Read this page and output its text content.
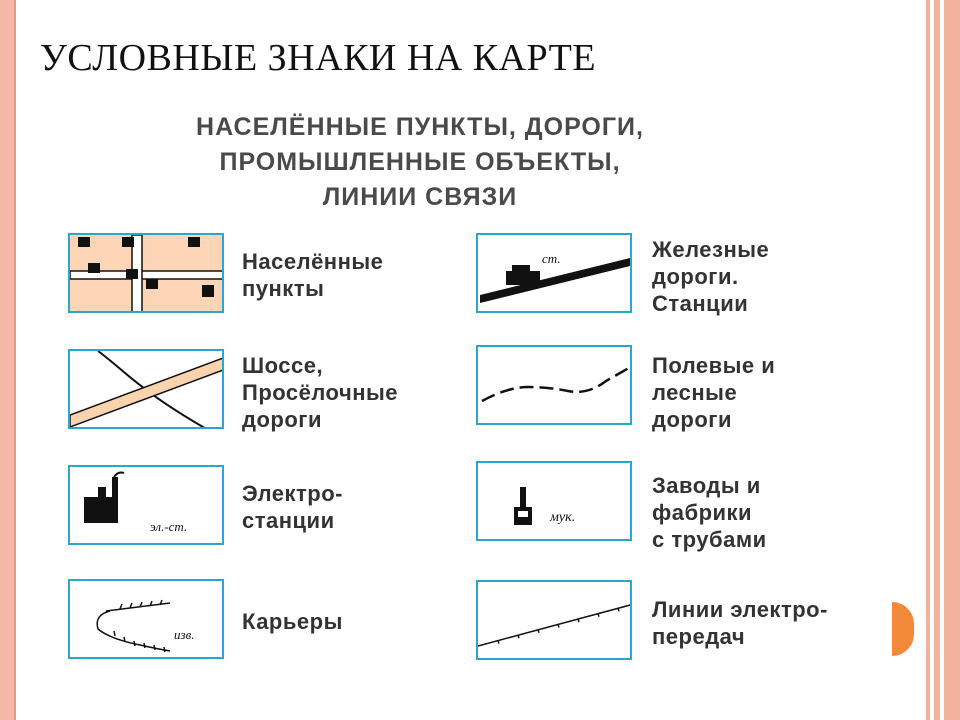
УСЛОВНЫЕ ЗНАКИ НА КАРТЕ
НАСЕЛЁННЫЕ ПУНКТЫ, ДОРОГИ,
ПРОМЫШЛЕННЫЕ ОБЪЕКТЫ,
ЛИНИИ СВЯЗИ
Населённые
пункты
Шоссе,
Просёлочные
дороги
эл.-ст.
Электро-
станции
изв.
Карьеры
ст.	Железные
дороги.
Станции
Полевые и
лесные
дороги
мук.
Заводы и
фабрики
с трубами
Линии электро-
передач
